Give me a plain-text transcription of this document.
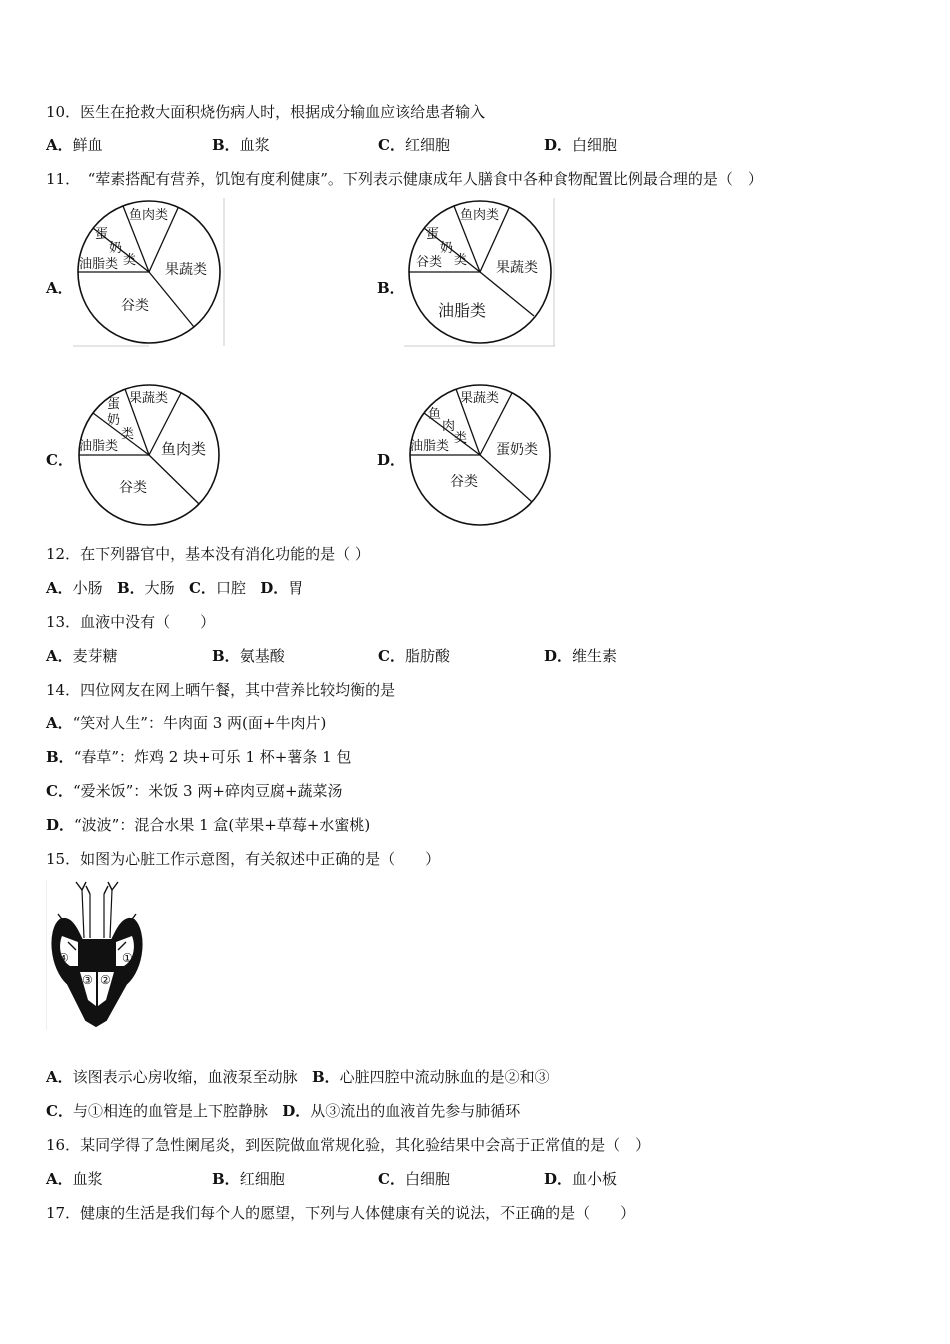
10．医生在抢救大面积烧伤病人时，根据成分输血应该给患者输入
A．鲜血	B．血浆	C．红细胞	D．白细胞
11．　“荤素搭配有营养，饥饱有度利健康”。下列表示健康成年人膳食中各种食物配置比例最合理的是（　）
A．
鱼肉类
蛋
奶
类
油脂类	果蔬类
谷类
B．
鱼肉类
蛋
奶
类
谷类	果蔬类
油脂类
C．
果蔬类
蛋
奶
类
油脂类	鱼肉类
谷类
D．
果蔬类
鱼
肉
类
油脂类	蛋奶类
谷类
12．在下列器官中，基本没有消化功能的是（ ）
A．小肠 B．大肠 C．口腔 D．胃
13．血液中没有（　　）
A．麦芽糖	B．氨基酸	C．脂肪酸	D．维生素
14．四位网友在网上晒午餐，其中营养比较均衡的是
A．“笑对人生”：牛肉面 3 两(面+牛肉片)
B．“春草”：炸鸡 2 块+可乐 1 杯+薯条 1 包
C．“爱米饭”：米饭 3 两+碎肉豆腐+蔬菜汤
D．“波波”：混合水果 1 盒(苹果+草莓+水蜜桃)
15．如图为心脏工作示意图，有关叙述中正确的是（　　）
④
③ ②
①
A．该图表示心房收缩，血液泵至动脉 B．心脏四腔中流动脉血的是②和③
C．与①相连的血管是上下腔静脉 D．从③流出的血液首先参与肺循环
16．某同学得了急性阑尾炎，到医院做血常规化验，其化验结果中会高于正常值的是（　）
A．血浆	B．红细胞	C．白细胞	D．血小板
17．健康的生活是我们每个人的愿望，下列与人体健康有关的说法，不正确的是（　　）
